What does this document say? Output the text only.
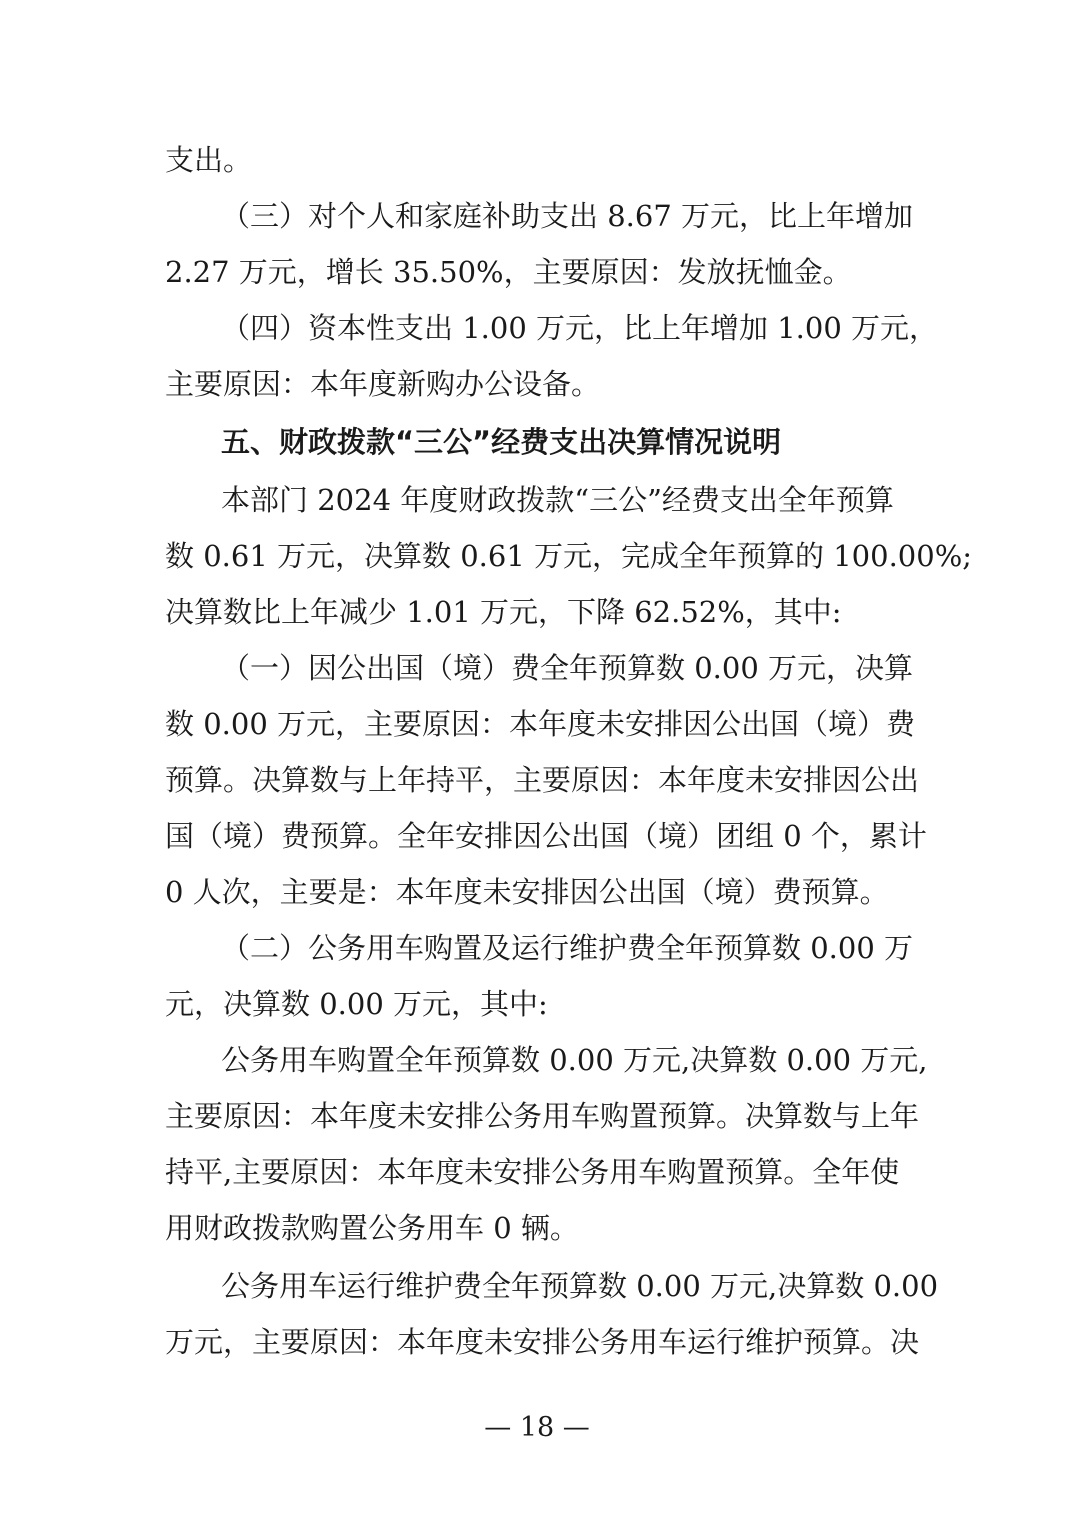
支出。
（三）对个人和家庭补助支出 8.67 万元，比上年增加
2.27 万元，增长 35.50%，主要原因：发放抚恤金。
（四）资本性支出 1.00 万元，比上年增加 1.00 万元，
主要原因：本年度新购办公设备。
五、财政拨款“三公”经费支出决算情况说明
本部门 2024 年度财政拨款“三公”经费支出全年预算
数 0.61 万元，决算数 0.61 万元，完成全年预算的 100.00%;
决算数比上年减少 1.01 万元，下降 62.52%，其中:
（一）因公出国（境）费全年预算数 0.00 万元，决算
数 0.00 万元，主要原因：本年度未安排因公出国（境）费
预算。决算数与上年持平，主要原因：本年度未安排因公出
国（境）费预算。全年安排因公出国（境）团组 0 个，累计
0 人次，主要是：本年度未安排因公出国（境）费预算。
（二）公务用车购置及运行维护费全年预算数 0.00 万
元，决算数 0.00 万元，其中:
公务用车购置全年预算数 0.00 万元,决算数 0.00 万元,
主要原因：本年度未安排公务用车购置预算。决算数与上年
持平,主要原因：本年度未安排公务用车购置预算。全年使
用财政拨款购置公务用车 0 辆。
公务用车运行维护费全年预算数 0.00 万元,决算数 0.00
万元，主要原因：本年度未安排公务用车运行维护预算。决
— 18 —
